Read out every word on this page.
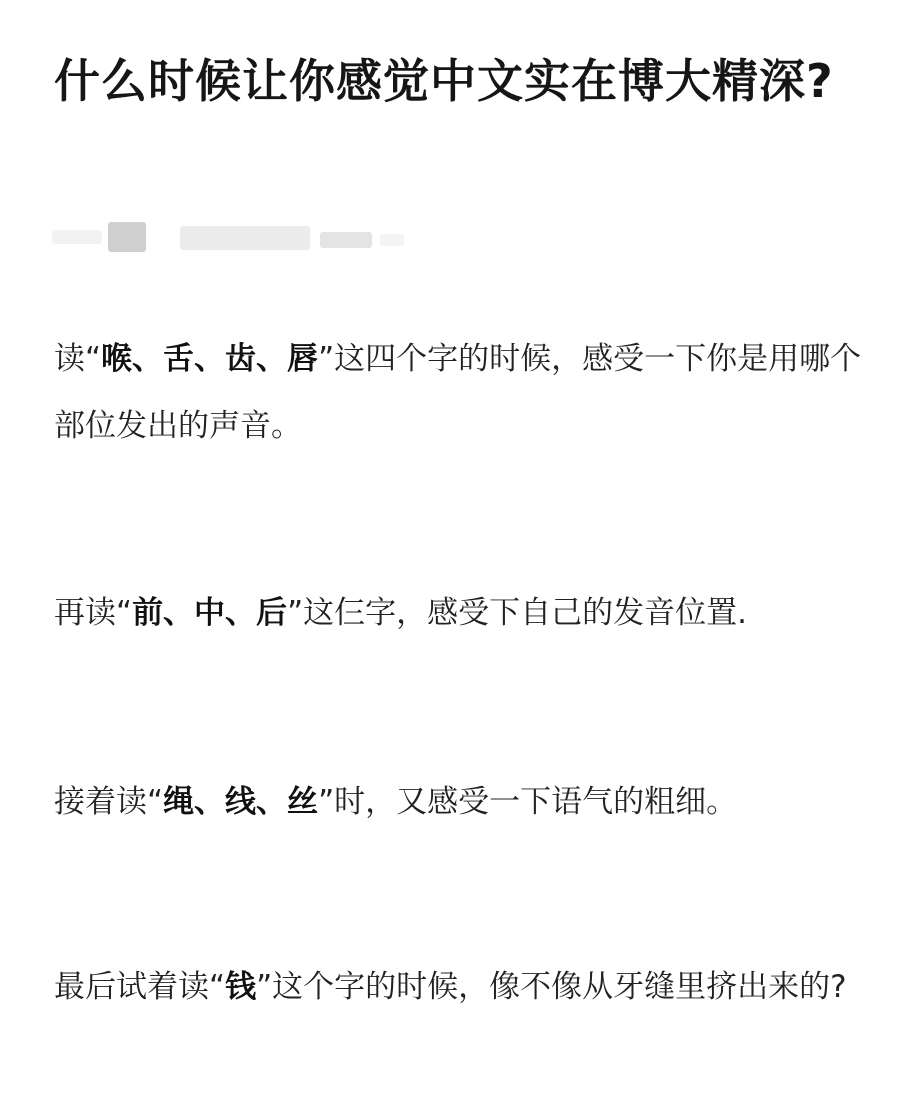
什么时候让你感觉中文实在博大精深?

读“喉、舌、齿、唇”这四个字的时候，感受一下你是用哪个部位发出的声音。

再读“前、中、后”这仨字，感受下自己的发音位置.

接着读“绳、线、丝”时，又感受一下语气的粗细。

最后试着读“钱”这个字的时候，像不像从牙缝里挤出来的?
